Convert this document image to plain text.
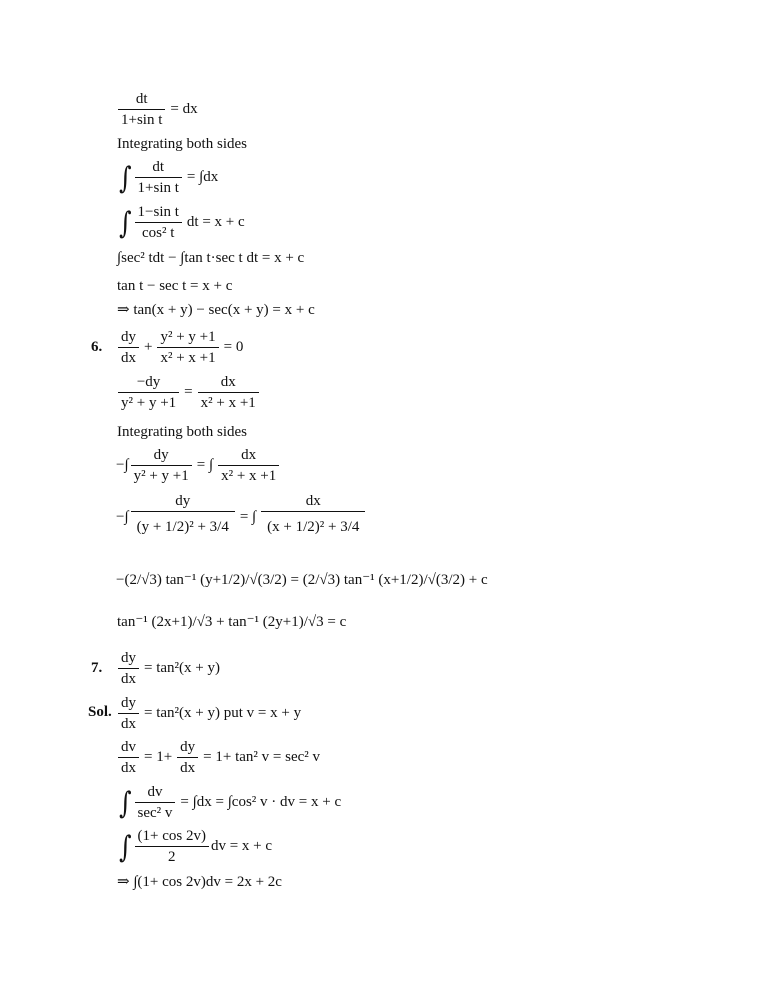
$\frac{dt}{\text{1+sin t}}$ = dx
Integrating both sides
∫ $\frac{dt}{\text{1+sin t}} = \int dx$
∫ $\frac{\text{1−sin t}}{\text{cos² t}}$ dt = x + c
∫sec² tdt − ∫tan t·sec t dt = x + c
tan t − sec t = x + c
⇒ tan(x + y) − sec(x + y) = x + c
6. $\frac{dy}{dx} + \frac{\text{y² + y +1}}{\text{x² + x +1}} = 0$
$\frac{-dy}{\text{y² + y +1}} = \frac{dx}{\text{x² + x +1}}$
Integrating both sides
−∫ $\frac{dy}{\text{y² + y +1}}$ = ∫ $\frac{dx}{\text{x² + x +1}}$
−∫ $\frac{dy}{\text{(y + 1/2)² + 3/4}}$ = ∫ $\frac{dx}{\text{(x + 1/2)² + 3/4}}$
−(2/√3) tan⁻¹ (y+1/2)/√(3/2) = (2/√3) tan⁻¹ (x+1/2)/√(3/2) + c
tan⁻¹ (2x+1)/√3 + tan⁻¹ (2y+1)/√3 = c
7. $\frac{dy}{dx} = \tan^2(x + y)$
Sol. $\frac{dy}{dx} = \tan^2(x + y)$ put v = x + y
$\frac{dv}{dx} = 1+ \frac{dy}{dx} = 1+ \tan^2$ v = sec² v
∫ $\frac{dv}{\text{sec² v}} = \int dx = \int\cos^2$ v · dv = x + c
∫ $\frac{(1+ \cos 2v)}{2}$ dv = x + c
⇒ ∫(1+ cos 2v)dv = 2x + 2c
